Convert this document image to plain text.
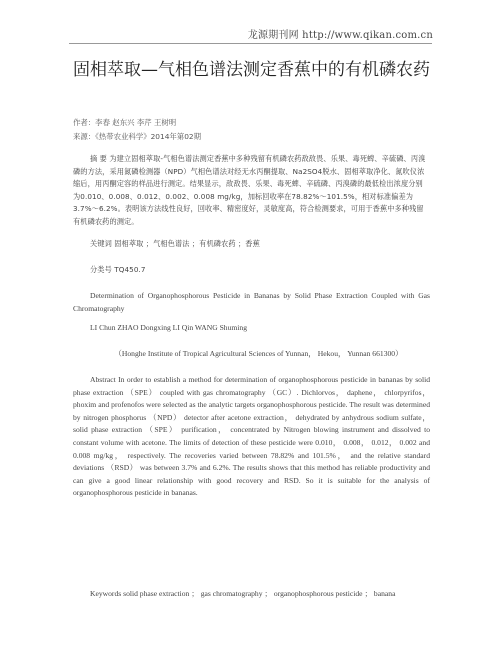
龙源期刊网 http://www.qikan.com.cn
固相萃取—气相色谱法测定香蕉中的有机磷农药
作者：李春 赵东兴 李芹 王树明
来源：《热带农业科学》2014年第02期

摘 要 为建立固相萃取-气相色谱法测定香蕉中多种残留有机磷农药敌敌畏、乐果、毒死蜱、辛硫磷、丙溴磷的方法，采用氮磷检测器（NPD）气相色谱法对经无水丙酮提取、Na2SO4脱水、固相萃取净化、氮吹仪浓缩后，用丙酮定容的样品进行测定。结果显示，敌敌畏、乐果、毒死蜱、辛硫磷、丙溴磷的最低检出浓度分别为0.010、0.008、0.012、0.002、0.008 mg/kg，加标回收率在78.82%～101.5%，相对标准偏差为3.7%～6.2%。表明该方法线性良好，回收率、精密度好，灵敏度高，符合检测要求，可用于香蕉中多种残留有机磷农药的测定。

关键词 固相萃取 ；气相色谱法 ；有机磷农药 ；香蕉

分类号 TQ450.7

Determination of Organophosphorous Pesticide in Bananas by Solid Phase Extraction Coupled with Gas Chromatography

LI Chun ZHAO Dongxing LI Qin WANG Shuming

（Honghe Institute of Tropical Agricultural Sciences of Yunnan， Hekou， Yunnan 661300）

Abstract In order to establish a method for determination of organophosphorous pesticide in bananas by solid phase extraction （SPE） coupled with gas chromatography （GC）. Dichlorvos， daphene， chlorpyrifos， phoxim and profenofos were selected as the analytic targets organophosphorous pesticide. The result was determined by nitrogen phosphorus （NPD） detector after acetone extraction， dehydrated by anhydrous sodium sulfate， solid phase extraction （SPE） purification， concentrated by Nitrogen blowing instrument and dissolved to constant volume with acetone. The limits of detection of these pesticide were 0.010， 0.008， 0.012， 0.002 and 0.008 mg/kg， respectively. The recoveries varied between 78.82% and 101.5%， and the relative standard deviations （RSD） was between 3.7% and 6.2%. The results shows that this method has reliable productivity and can give a good linear relationship with good recovery and RSD. So it is suitable for the analysis of organophosphorous pesticide in bananas.

Keywords solid phase extraction ； gas chromatography ； organophosphorous pesticide ； banana
